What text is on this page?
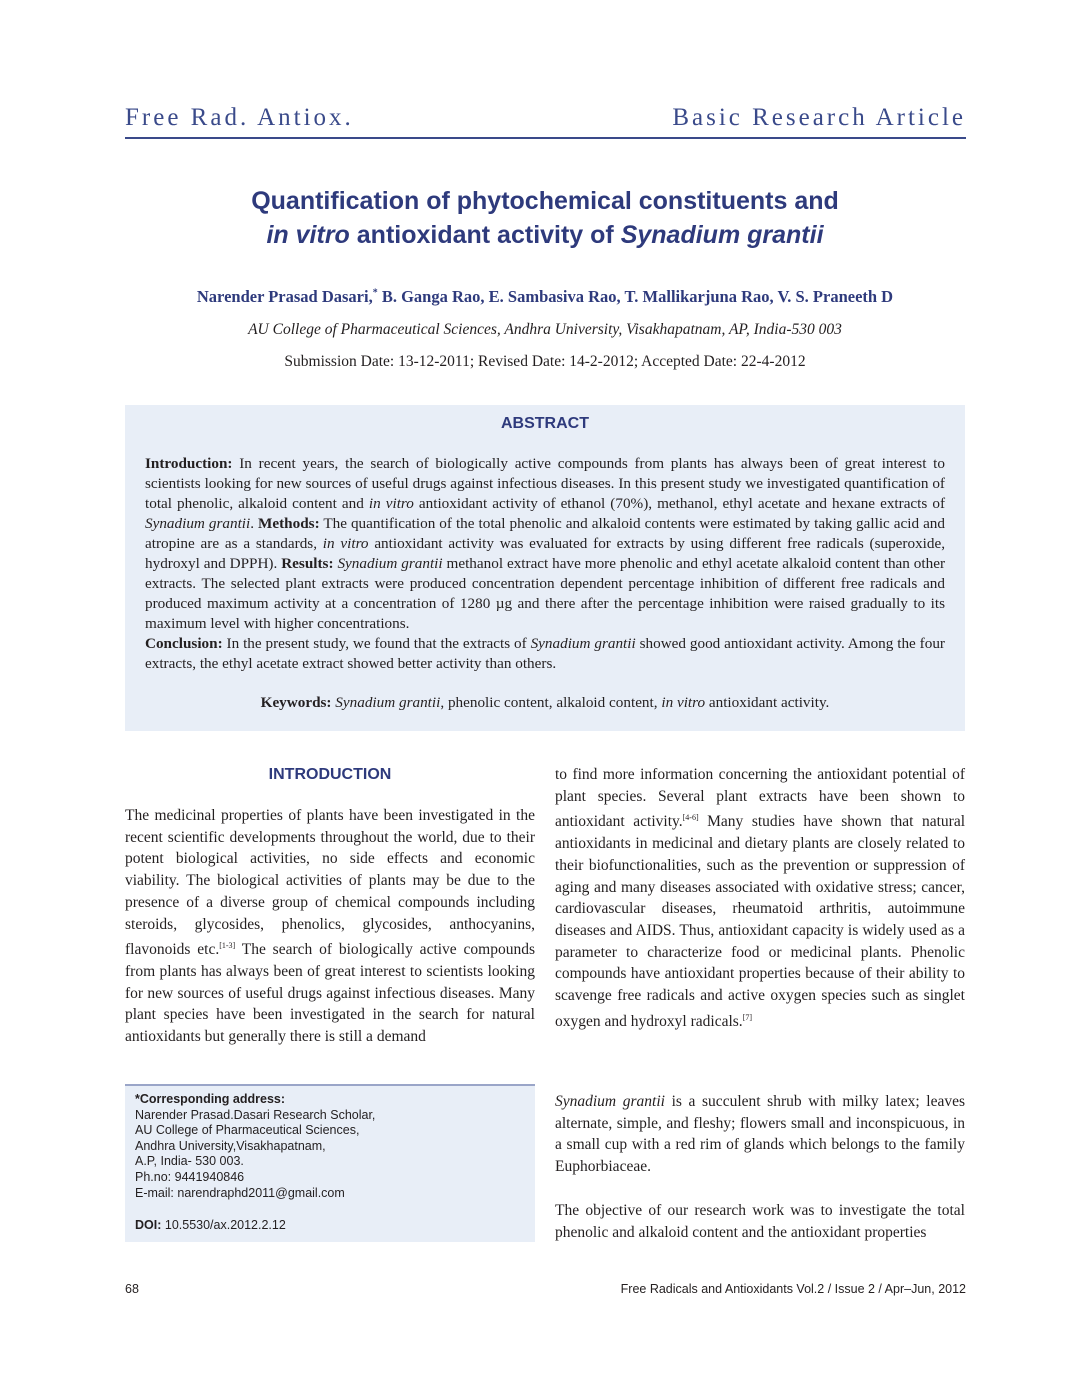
Free Rad. Antiox.	Basic Research Article
Quantification of phytochemical constituents and
in vitro antioxidant activity of Synadium grantii
Narender Prasad Dasari,* B. Ganga Rao, E. Sambasiva Rao, T. Mallikarjuna Rao, V. S. Praneeth D
AU College of Pharmaceutical Sciences, Andhra University, Visakhapatnam, AP, India-530 003
Submission Date: 13-12-2011; Revised Date: 14-2-2012; Accepted Date: 22-4-2012
ABSTRACT
Introduction: In recent years, the search of biologically active compounds from plants has always been of great interest to scientists looking for new sources of useful drugs against infectious diseases. In this present study we investigated quantification of total phenolic, alkaloid content and in vitro antioxidant activity of ethanol (70%), methanol, ethyl acetate and hexane extracts of Synadium grantii. Methods: The quantification of the total phenolic and alkaloid contents were estimated by taking gallic acid and atropine are as a standards, in vitro antioxidant activity was evaluated for extracts by using different free radicals (superoxide, hydroxyl and DPPH). Results: Synadium grantii methanol extract have more phenolic and ethyl acetate alkaloid content than other extracts. The selected plant extracts were produced concentration dependent percentage inhibition of different free radicals and produced maximum activity at a concentration of 1280 µg and there after the percentage inhibition were raised gradually to its maximum level with higher concentrations.
Conclusion: In the present study, we found that the extracts of Synadium grantii showed good antioxidant activity. Among the four extracts, the ethyl acetate extract showed better activity than others.
Keywords: Synadium grantii, phenolic content, alkaloid content, in vitro antioxidant activity.
INTRODUCTION
The medicinal properties of plants have been investigated in the recent scientific developments throughout the world, due to their potent biological activities, no side effects and economic viability. The biological activities of plants may be due to the presence of a diverse group of chemical compounds including steroids, glycosides, phenolics, glycosides, anthocyanins, flavonoids etc.[1-3] The search of biologically active compounds from plants has always been of great interest to scientists looking for new sources of useful drugs against infectious diseases. Many plant species have been investigated in the search for natural antioxidants but generally there is still a demand
to find more information concerning the antioxidant potential of plant species. Several plant extracts have been shown to antioxidant activity.[4-6] Many studies have shown that natural antioxidants in medicinal and dietary plants are closely related to their biofunctionalities, such as the prevention or suppression of aging and many diseases associated with oxidative stress; cancer, cardiovascular diseases, rheumatoid arthritis, autoimmune diseases and AIDS. Thus, antioxidant capacity is widely used as a parameter to characterize food or medicinal plants. Phenolic compounds have antioxidant properties because of their ability to scavenge free radicals and active oxygen species such as singlet oxygen and hydroxyl radicals.[7]
Synadium grantii is a succulent shrub with milky latex; leaves alternate, simple, and fleshy; flowers small and inconspicuous, in a small cup with a red rim of glands which belongs to the family Euphorbiaceae.
The objective of our research work was to investigate the total phenolic and alkaloid content and the antioxidant properties
*Corresponding address:
Narender Prasad.Dasari Research Scholar,
AU College of Pharmaceutical Sciences,
Andhra University,Visakhapatnam,
A.P, India- 530 003.
Ph.no: 9441940846
E-mail: narendraphd2011@gmail.com
DOI: 10.5530/ax.2012.2.12
68	Free Radicals and Antioxidants Vol.2 / Issue 2 / Apr–Jun, 2012
